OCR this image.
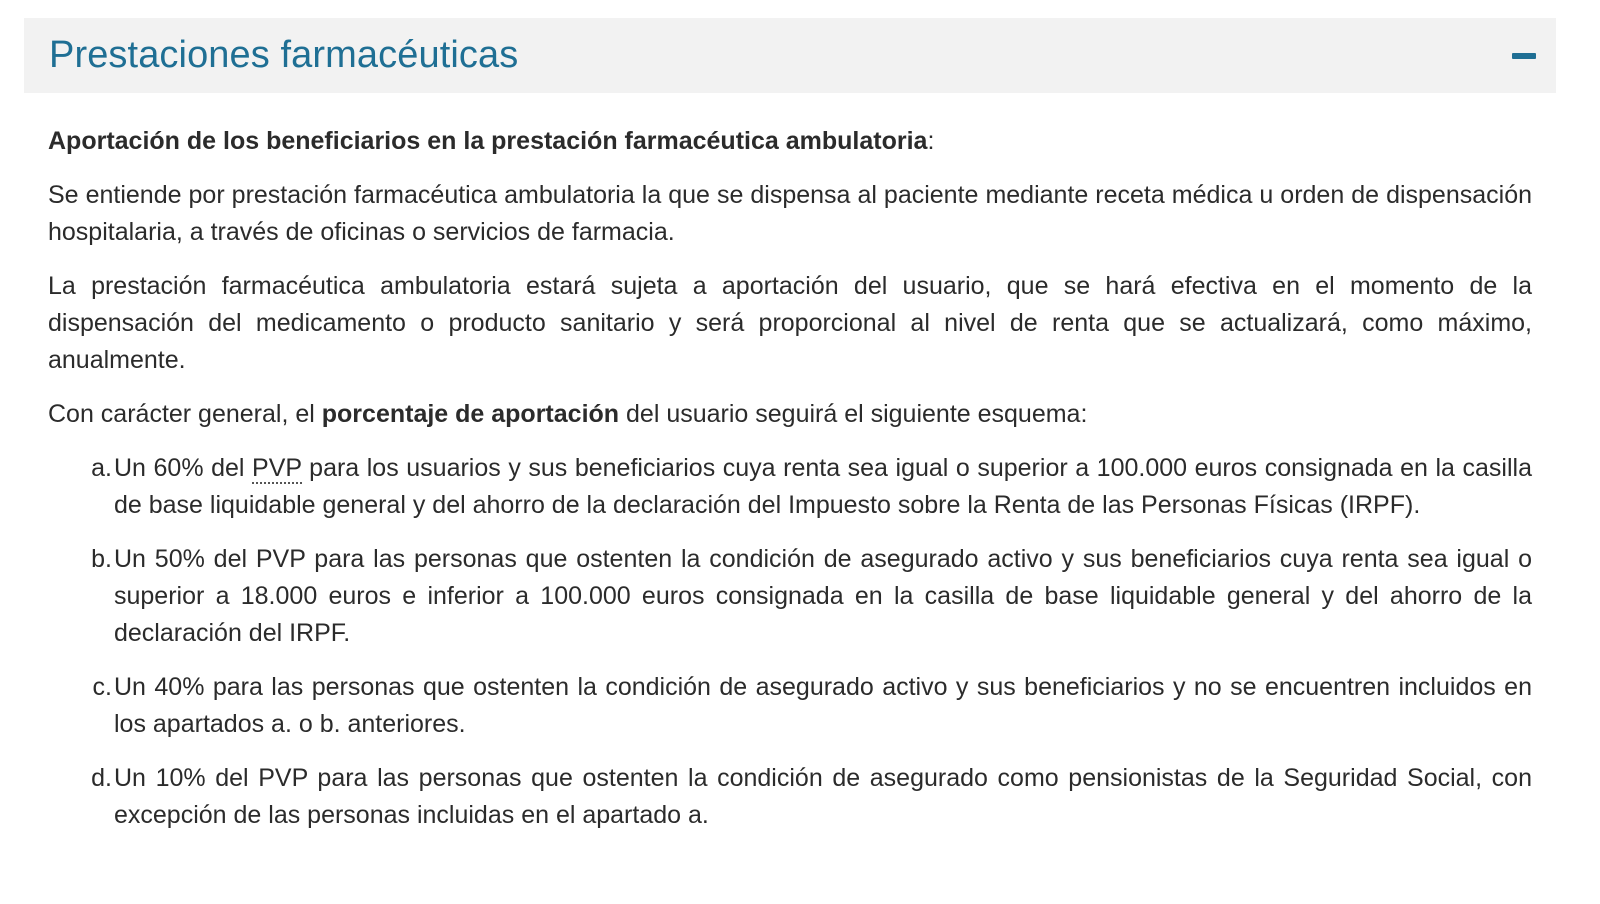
Prestaciones farmacéuticas

Aportación de los beneficiarios en la prestación farmacéutica ambulatoria:

Se entiende por prestación farmacéutica ambulatoria la que se dispensa al paciente mediante receta médica u orden de dispensación hospitalaria, a través de oficinas o servicios de farmacia.

La prestación farmacéutica ambulatoria estará sujeta a aportación del usuario, que se hará efectiva en el momento de la dispensación del medicamento o producto sanitario y será proporcional al nivel de renta que se actualizará, como máximo, anualmente.

Con carácter general, el porcentaje de aportación del usuario seguirá el siguiente esquema:

a. Un 60% del PVP para los usuarios y sus beneficiarios cuya renta sea igual o superior a 100.000 euros consignada en la casilla de base liquidable general y del ahorro de la declaración del Impuesto sobre la Renta de las Personas Físicas (IRPF).
b. Un 50% del PVP para las personas que ostenten la condición de asegurado activo y sus beneficiarios cuya renta sea igual o superior a 18.000 euros e inferior a 100.000 euros consignada en la casilla de base liquidable general y del ahorro de la declaración del IRPF.
c. Un 40% para las personas que ostenten la condición de asegurado activo y sus beneficiarios y no se encuentren incluidos en los apartados a. o b. anteriores.
d. Un 10% del PVP para las personas que ostenten la condición de asegurado como pensionistas de la Seguridad Social, con excepción de las personas incluidas en el apartado a.
